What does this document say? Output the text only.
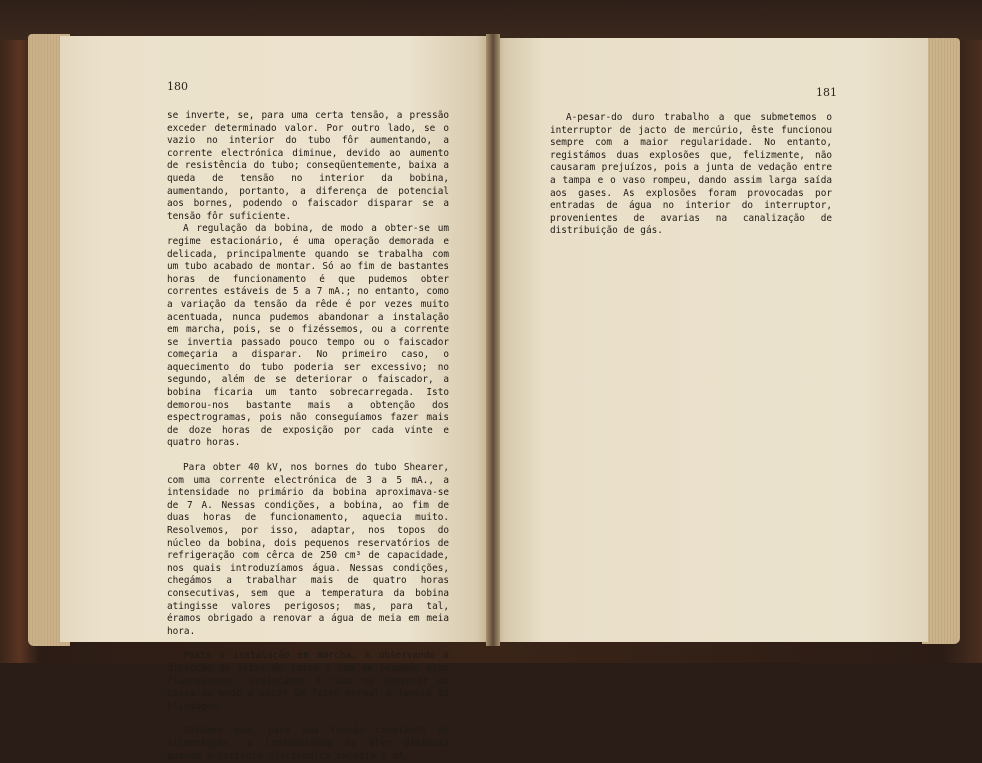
180	181

se inverte, se, para uma certa tensão, a pressão exceder determinado valor. Por outro lado, se o vazio no interior do tubo fôr aumentando, a corrente electrónica diminue, devido ao aumento de resistência do tubo; conseqüentemente, baixa a queda de tensão no interior da bobina, aumentando, portanto, a diferença de potencial aos bornes, podendo o faiscador disparar se a tensão fôr suficiente.

A regulação da bobina, de modo a obter-se um regime estacionário, é uma operação demorada e delicada, principalmente quando se trabalha com um tubo acabado de montar. Só ao fim de bastantes horas de funcionamento é que pudemos obter correntes estáveis de 5 a 7 mA.; no entanto, como a variação da tensão da rêde é por vezes muito acentuada, nunca pudemos abandonar a instalação em marcha, pois, se o fizéssemos, ou a corrente se invertia passado pouco tempo ou o faiscador começaria a disparar. No primeiro caso, o aquecimento do tubo poderia ser excessivo; no segundo, além de se deteriorar o faiscador, a bobina ficaria um tanto sobrecarregada. Isto demorou-nos bastante mais a obtenção dos espectrogramas, pois não conseguíamos fazer mais de doze horas de exposição por cada vinte e quatro horas.

Para obter 40 kV, nos bornes do tubo Shearer, com uma corrente electrónica de 3 a 5 mA., a intensidade no primário da bobina aproximava-se de 7 A. Nessas condições, a bobina, ao fim de duas horas de funcionamento, aquecia muito. Resolvemos, por isso, adaptar, nos topos do núcleo da bobina, dois pequenos reservatórios de refrigeração com cêrca de 250 cm³ de capacidade, nos quais introduzíamos água. Nessas condições, chegámos a trabalhar mais de quatro horas consecutivas, sem que a temperatura da bobina atingisse valores perigosos; mas, para tal, éramos obrigado a renovar a água de meia em meia hora.

Posta a instalação em marcha, e observando a direcção do feixe de raios X com um pequeno alvo fluorescente, deslocámos o tubo no interior da caixa de modo a obter um feixe normal à janela da blindagem.

Notámos que, para uma tensão constante de alimentação, a luminosidade do alvo diminuía quando a corrente electrónica excedia 2 mA.

A-pesar-do duro trabalho a que submetemos o interruptor de jacto de mercúrio, êste funcionou sempre com a maior regularidade. No entanto, registámos duas explosões que, felizmente, não causaram prejuízos, pois a junta de vedação entre a tampa e o vaso rompeu, dando assim larga saída aos gases. As explosões foram provocadas por entradas de água no interior do interruptor, provenientes de avarias na canalização de distribuição de gás.
